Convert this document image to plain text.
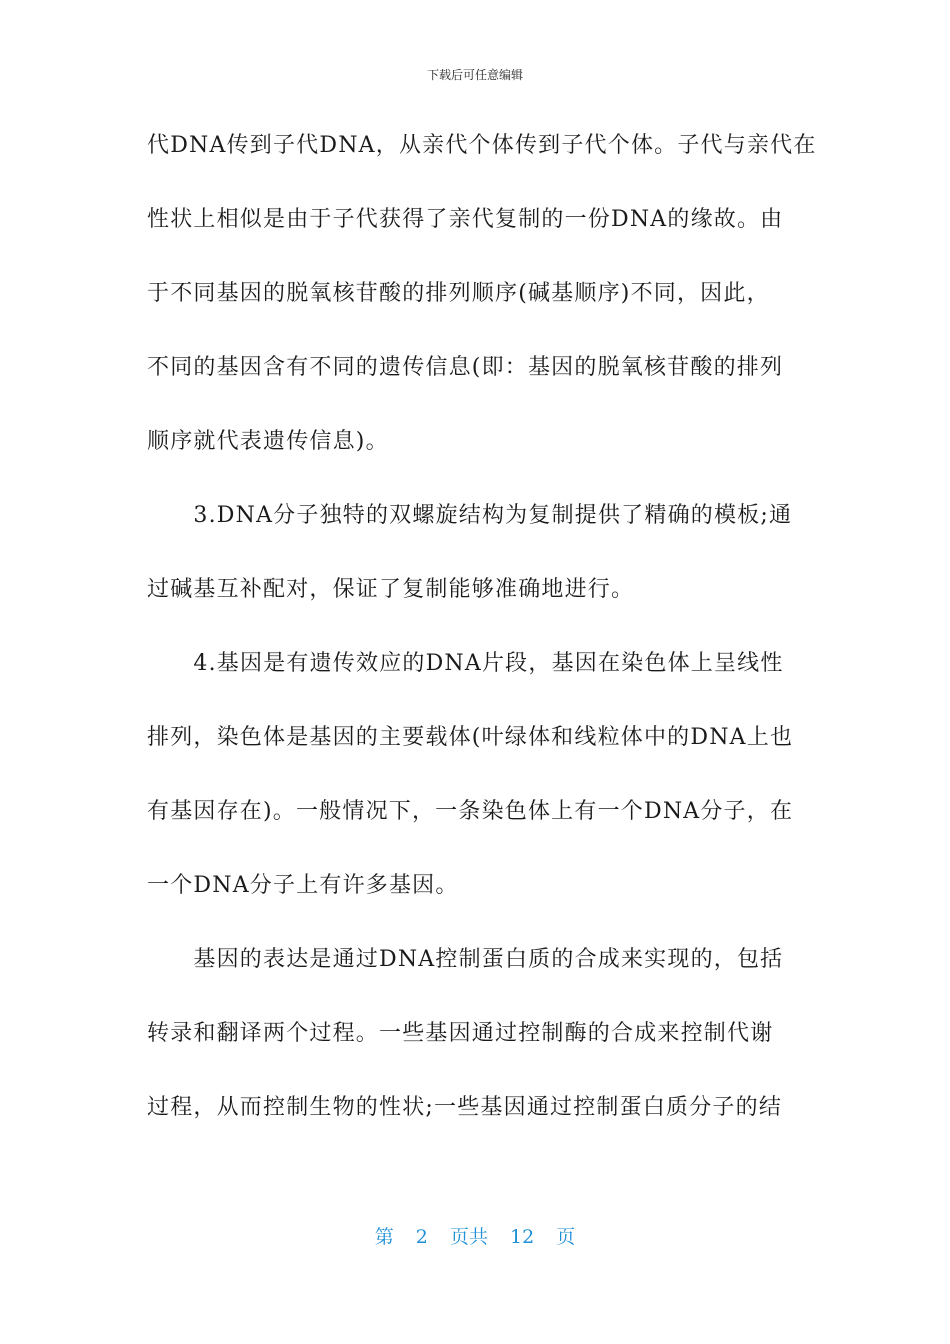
下载后可任意编辑
代DNA传到子代DNA，从亲代个体传到子代个体。子代与亲代在
性状上相似是由于子代获得了亲代复制的一份DNA的缘故。由
于不同基因的脱氧核苷酸的排列顺序(碱基顺序)不同，因此，
不同的基因含有不同的遗传信息(即：基因的脱氧核苷酸的排列
顺序就代表遗传信息)。
　　3.DNA分子独特的双螺旋结构为复制提供了精确的模板;通
过碱基互补配对，保证了复制能够准确地进行。
　　4.基因是有遗传效应的DNA片段，基因在染色体上呈线性
排列，染色体是基因的主要载体(叶绿体和线粒体中的DNA上也
有基因存在)。一般情况下，一条染色体上有一个DNA分子，在
一个DNA分子上有许多基因。
　　基因的表达是通过DNA控制蛋白质的合成来实现的，包括
转录和翻译两个过程。一些基因通过控制酶的合成来控制代谢
过程，从而控制生物的性状;一些基因通过控制蛋白质分子的结
第 2 页共 12 页
